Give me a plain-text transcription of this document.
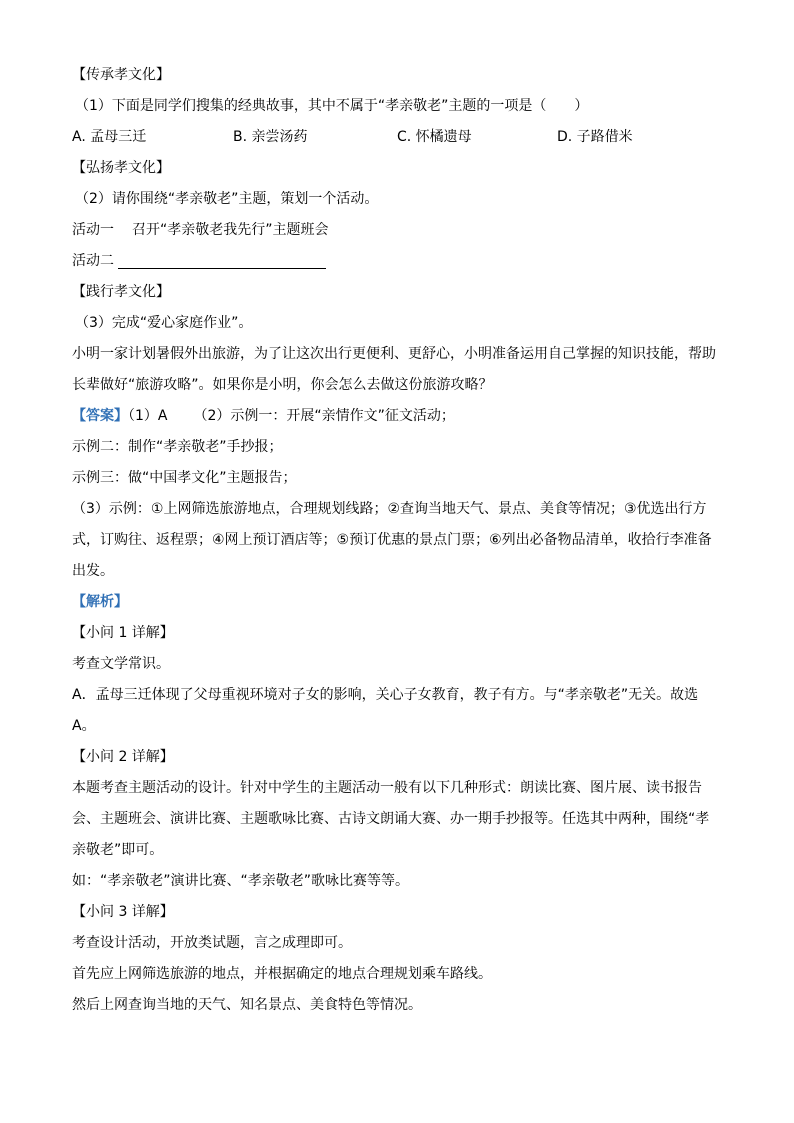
【传承孝文化】
（1）下面是同学们搜集的经典故事，其中不属于“孝亲敬老”主题的一项是（　　）
A. 孟母三迁	B. 亲尝汤药	C. 怀橘遗母	D. 子路借米
【弘扬孝文化】
（2）请你围绕“孝亲敬老”主题，策划一个活动。
活动一 召开“孝亲敬老我先行”主题班会
活动二
【践行孝文化】
（3）完成“爱心家庭作业”。
小明一家计划暑假外出旅游，为了让这次出行更便利、更舒心，小明准备运用自己掌握的知识技能，帮助
长辈做好“旅游攻略”。如果你是小明，你会怎么去做这份旅游攻略？
【答案】（1）A （2）示例一：开展“亲情作文”征文活动；
示例二：制作“孝亲敬老”手抄报；
示例三：做“中国孝文化”主题报告；
（3）示例：①上网筛选旅游地点，合理规划线路；②查询当地天气、景点、美食等情况；③优选出行方
式，订购往、返程票；④网上预订酒店等；⑤预订优惠的景点门票；⑥列出必备物品清单，收拾行李准备
出发。
【解析】
【小问 1 详解】
考查文学常识。
A．孟母三迁体现了父母重视环境对子女的影响，关心子女教育，教子有方。与“孝亲敬老”无关。故选
A。
【小问 2 详解】
本题考查主题活动的设计。针对中学生的主题活动一般有以下几种形式：朗读比赛、图片展、读书报告
会、主题班会、演讲比赛、主题歌咏比赛、古诗文朗诵大赛、办一期手抄报等。任选其中两种，围绕“孝
亲敬老”即可。
如：“孝亲敬老”演讲比赛、“孝亲敬老”歌咏比赛等等。
【小问 3 详解】
考查设计活动，开放类试题，言之成理即可。
首先应上网筛选旅游的地点，并根据确定的地点合理规划乘车路线。
然后上网查询当地的天气、知名景点、美食特色等情况。
